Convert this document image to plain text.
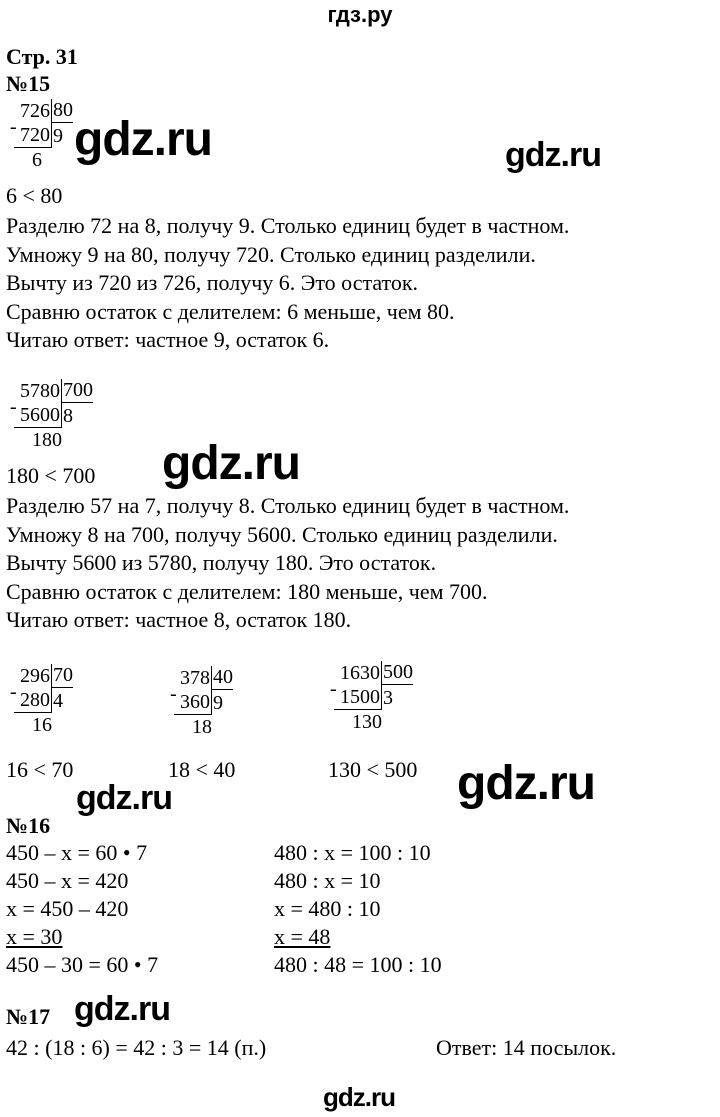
гдз.ру
Стр. 31
№15
726 80
- 720 9
6
6 < 80
Разделю 72 на 8, получу 9. Столько единиц будет в частном.
Умножу 9 на 80, получу 720. Столько единиц разделили.
Вычту из 720 из 726, получу 6. Это остаток.
Сравню остаток с делителем: 6 меньше, чем 80.
Читаю ответ: частное 9, остаток 6.
5780 700
- 5600 8
180
180 < 700
Разделю 57 на 7, получу 8. Столько единиц будет в частном.
Умножу 8 на 700, получу 5600. Столько единиц разделили.
Вычту 5600 из 5780, получу 180. Это остаток.
Сравню остаток с делителем: 180 меньше, чем 700.
Читаю ответ: частное 8, остаток 180.
296 70
- 280 4
16
378 40
- 360 9
18
1630 500
- 1500 3
130
16 < 70	18 < 40	130 < 500
№16
450 – x = 60 • 7	480 : x = 100 : 10
450 – x = 420	480 : x = 10
x = 450 – 420	x = 480 : 10
x = 30	x = 48
450 – 30 = 60 • 7	480 : 48 = 100 : 10
№17
42 : (18 : 6) = 42 : 3 = 14 (п.)	Ответ: 14 посылок.
gdz.ru	gdz.ru
gdz.ru
gdz.ru
gdz.ru
gdz.ru
gdz.ru
